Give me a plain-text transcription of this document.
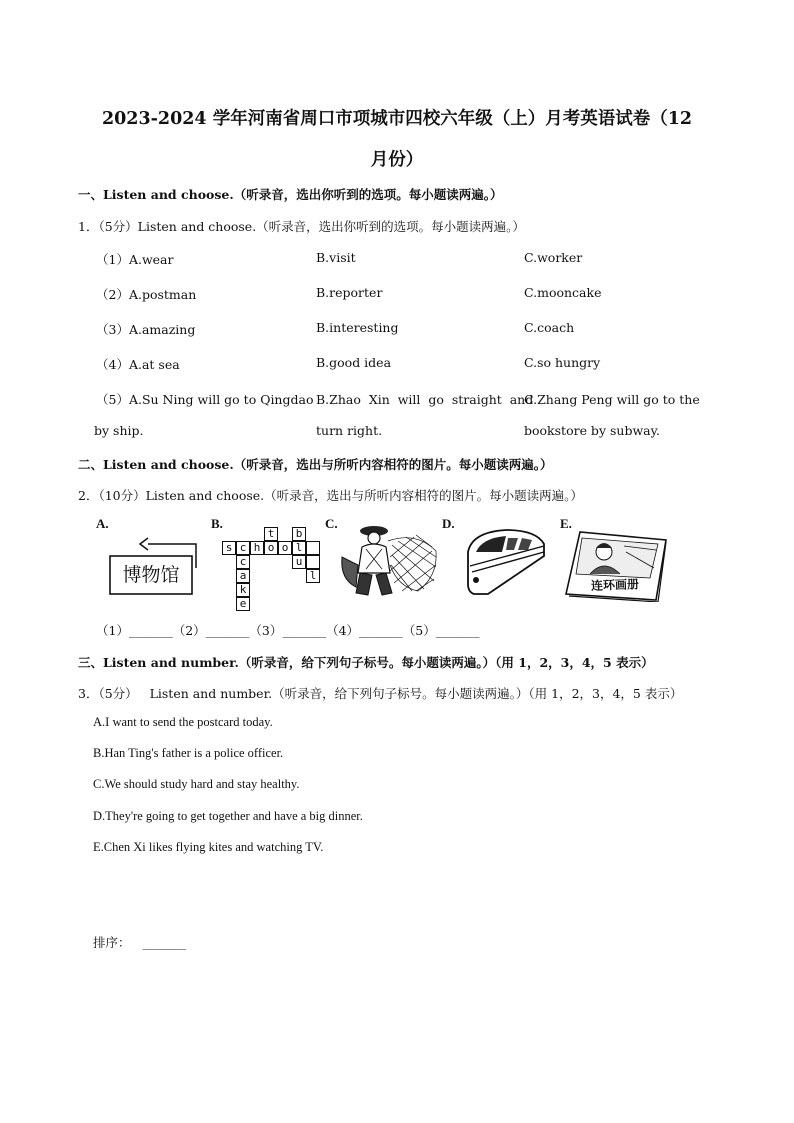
2023-2024 学年河南省周口市项城市四校六年级（上）月考英语试卷（12
月份）
一、Listen and choose.（听录音，选出你听到的选项。每小题读两遍。）
1．（5分）Listen and choose.（听录音，选出你听到的选项。每小题读两遍。）
（1）A.wear	B.visit	C.worker
（2）A.postman	B.reporter	C.mooncake
（3）A.amazing	B.interesting	C.coach
（4）A.at sea	B.good idea	C.so hungry
（5）A.Su Ning will go to Qingdao
by ship.
B.Zhao  Xin  will  go  straight  and
turn right.
C.Zhang Peng will go to the
bookstore by subway.
二、Listen and choose.（听录音，选出与所听内容相符的图片。每小题读两遍。）
2．（10分）Listen and choose.（听录音，选出与所听内容相符的图片。每小题读两遍。）
A.	B.	C.	D.	E.
博物馆
t	b
s c h o o l
c	u
a	l
k
e
连环画册
（1）_______（2）_______（3）_______（4）_______（5）_______
三、Listen and number.（听录音，给下列句子标号。每小题读两遍。）（用 1，2，3，4，5 表示）
3．（5分）   Listen and number.（听录音，给下列句子标号。每小题读两遍。）（用 1，2，3，4，5 表示）
A.I want to send the postcard today.
B.Han Ting's father is a police officer.
C.We should study hard and stay healthy.
D.They're going to get together and have a big dinner.
E.Chen Xi likes flying kites and watching TV.
排序： _______
